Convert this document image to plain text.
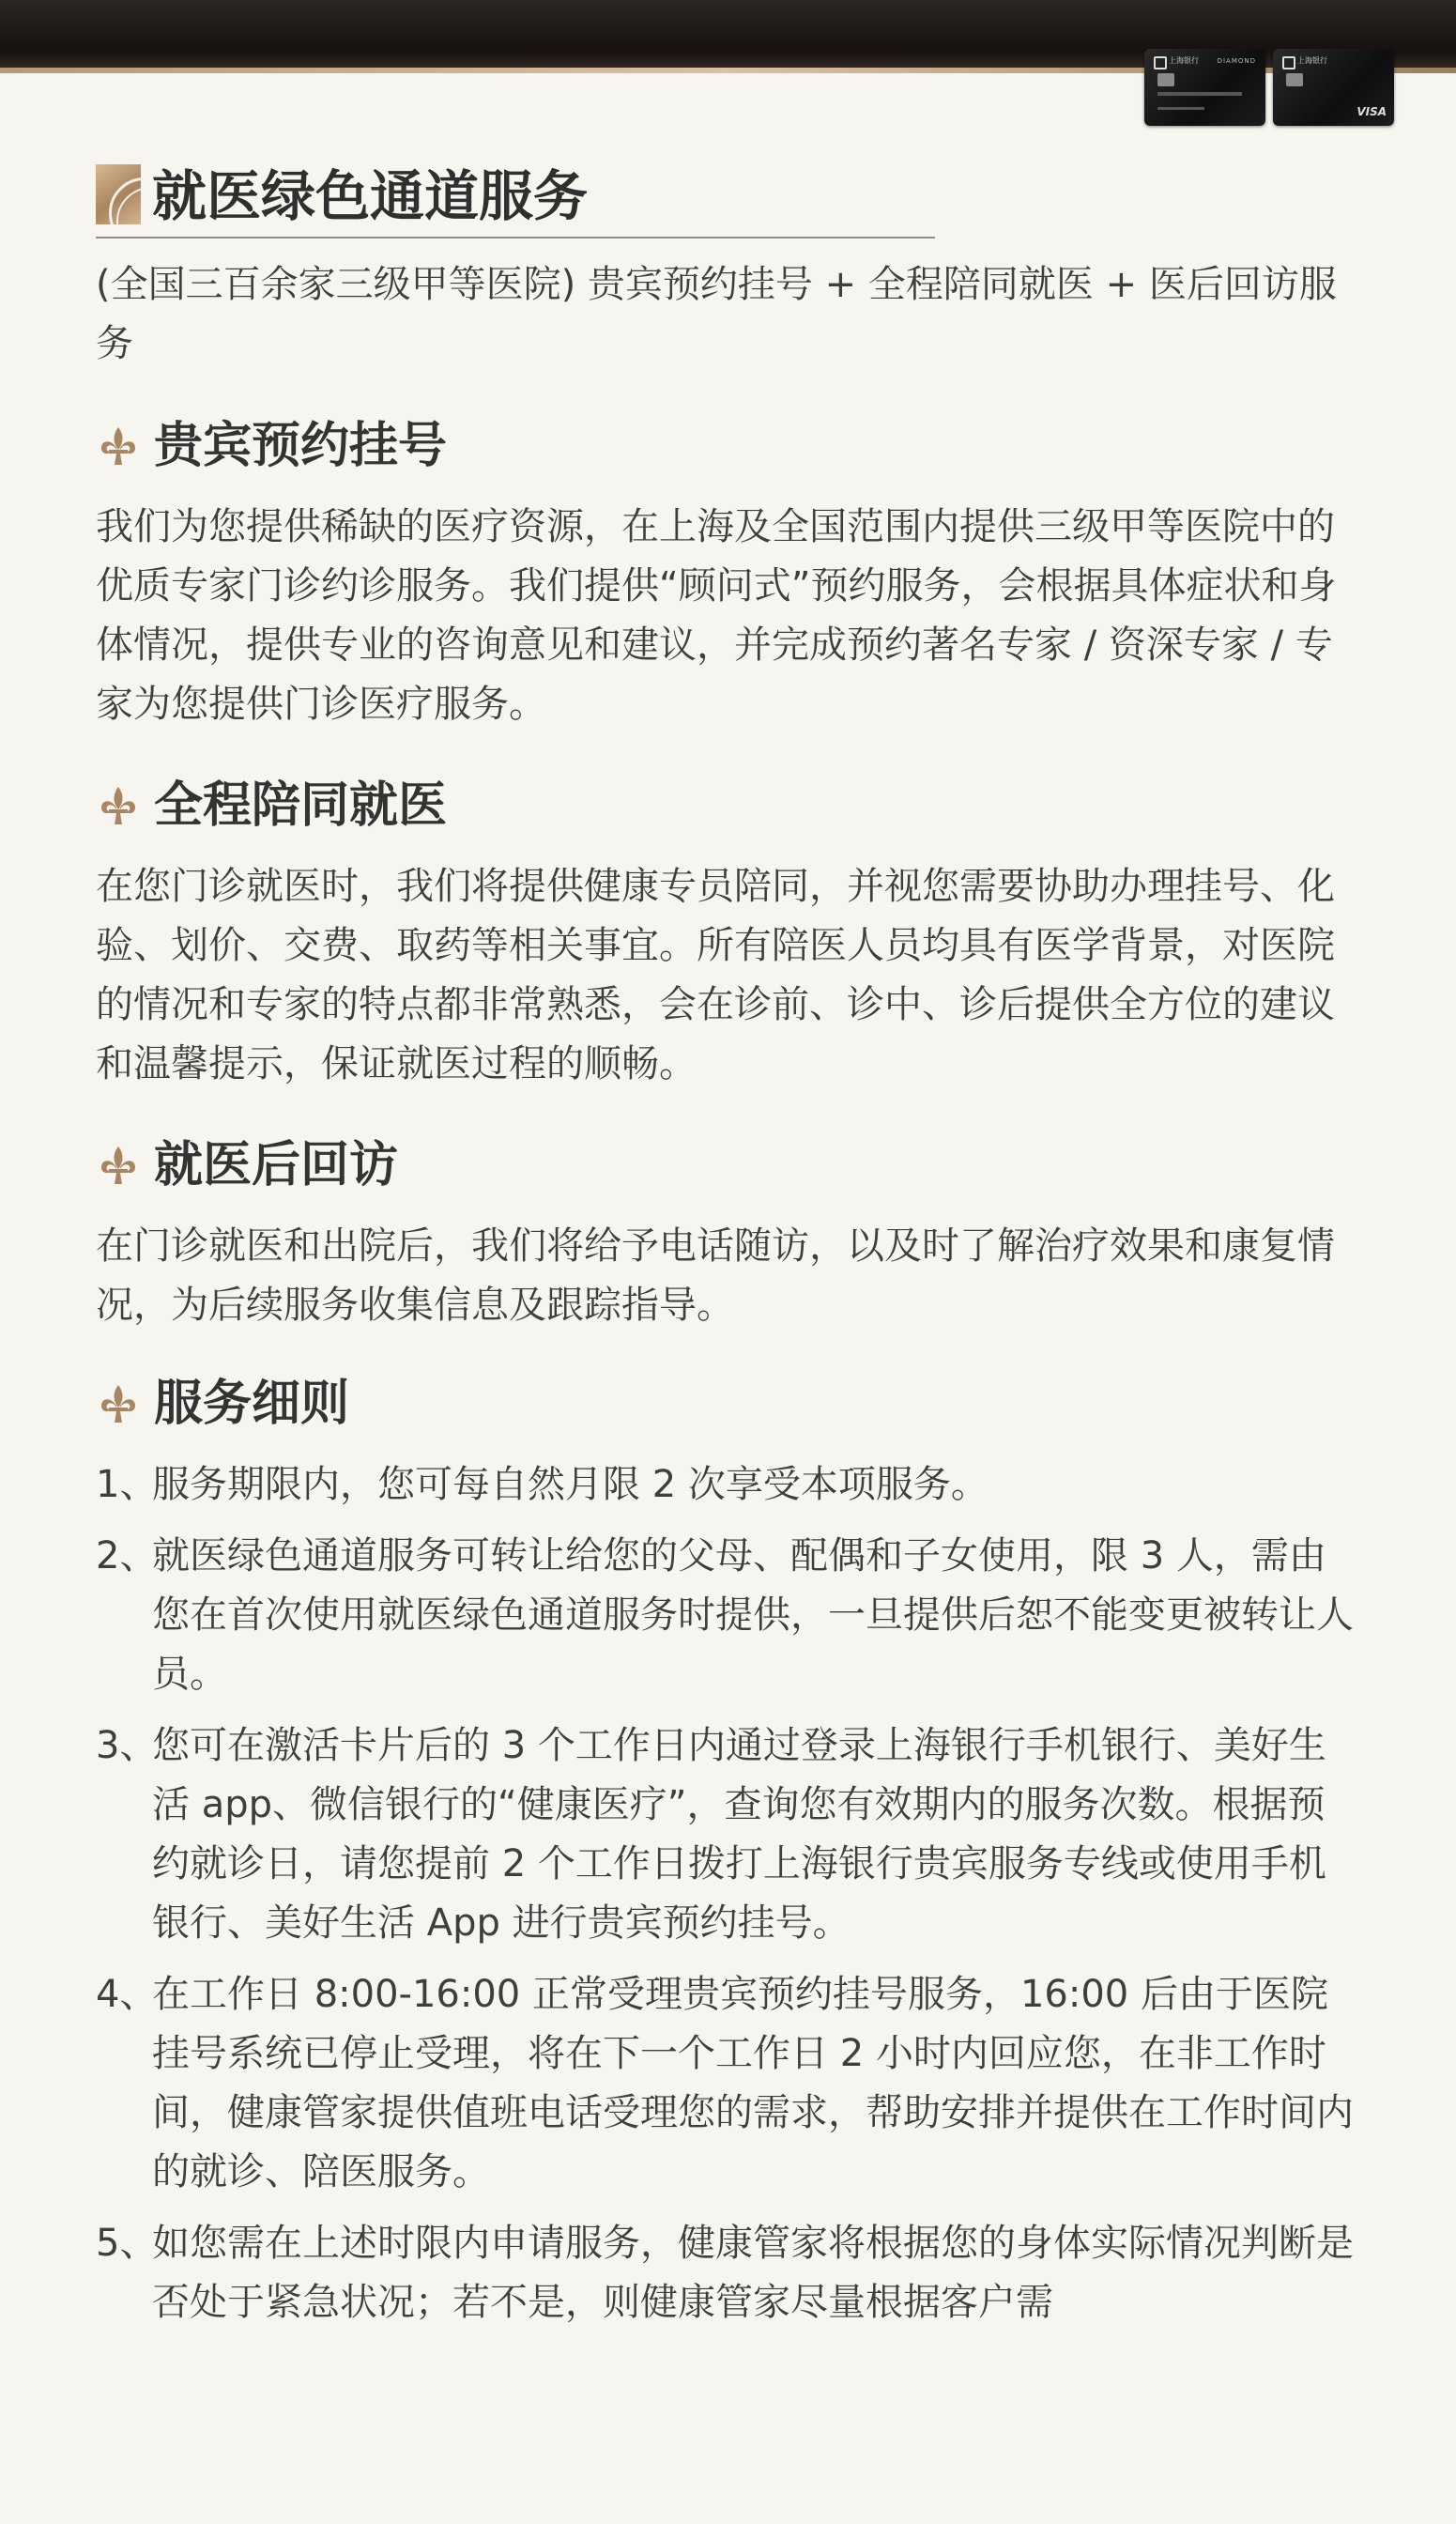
上海银行	DIAMOND	上海银行
VISA
就医绿色通道服务

(全国三百余家三级甲等医院) 贵宾预约挂号 + 全程陪同就医 + 医后回访服务

贵宾预约挂号

我们为您提供稀缺的医疗资源，在上海及全国范围内提供三级甲等医院中的优质专家门诊约诊服务。我们提供“顾问式”预约服务，会根据具体症状和身体情况，提供专业的咨询意见和建议，并完成预约著名专家 / 资深专家 / 专家为您提供门诊医疗服务。

全程陪同就医

在您门诊就医时，我们将提供健康专员陪同，并视您需要协助办理挂号、化验、划价、交费、取药等相关事宜。所有陪医人员均具有医学背景，对医院的情况和专家的特点都非常熟悉，会在诊前、诊中、诊后提供全方位的建议和温馨提示，保证就医过程的顺畅。

就医后回访

在门诊就医和出院后，我们将给予电话随访，以及时了解治疗效果和康复情况，为后续服务收集信息及跟踪指导。

服务细则
1、
服务期限内，您可每自然月限 2 次享受本项服务。
2、
就医绿色通道服务可转让给您的父母、配偶和子女使用，限 3 人，需由您在首次使用就医绿色通道服务时提供，一旦提供后恕不能变更被转让人员。
3、
您可在激活卡片后的 3 个工作日内通过登录上海银行手机银行、美好生活 app、微信银行的“健康医疗”，查询您有效期内的服务次数。根据预约就诊日，请您提前 2 个工作日拨打上海银行贵宾服务专线或使用手机银行、美好生活 App 进行贵宾预约挂号。
4、
在工作日 8:00-16:00 正常受理贵宾预约挂号服务，16:00 后由于医院挂号系统已停止受理，将在下一个工作日 2 小时内回应您，在非工作时间，健康管家提供值班电话受理您的需求，帮助安排并提供在工作时间内的就诊、陪医服务。
5、
如您需在上述时限内申请服务，健康管家将根据您的身体实际情况判断是否处于紧急状况；若不是，则健康管家尽量根据客户需
